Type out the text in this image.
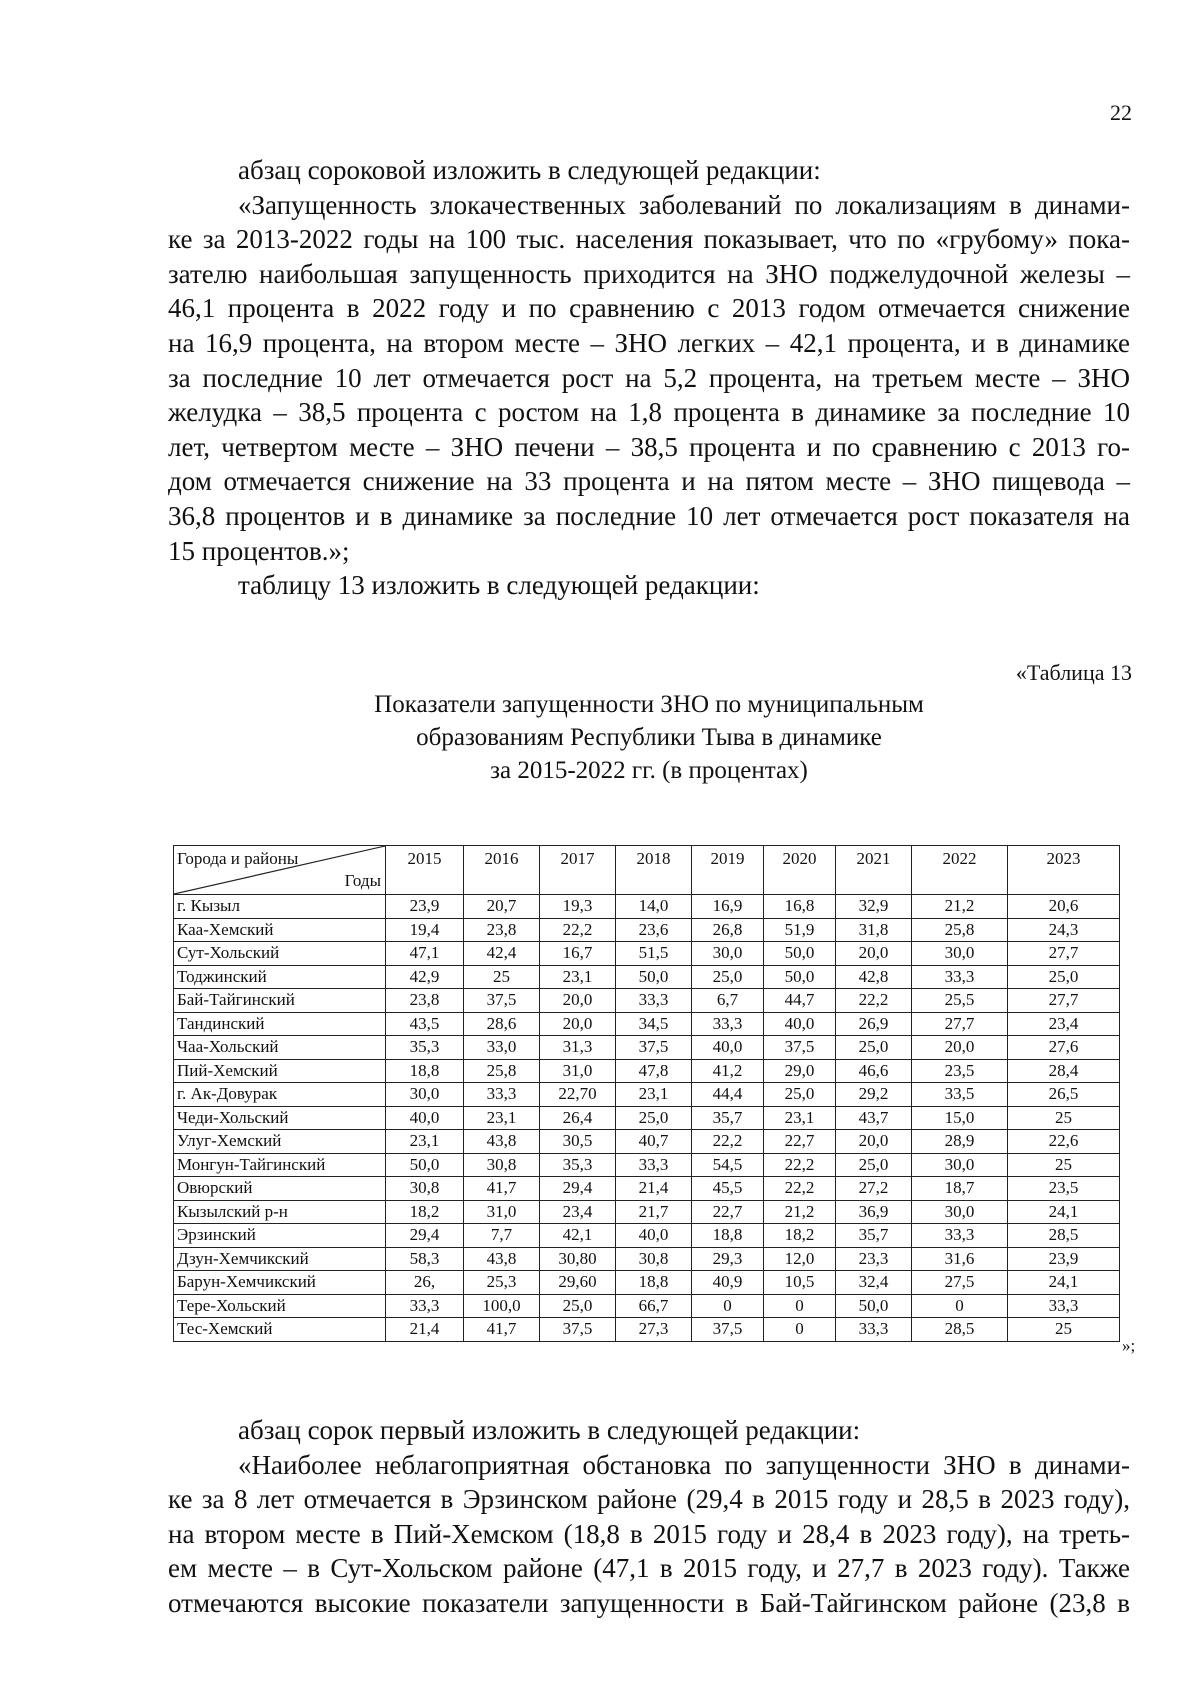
22

абзац сороковой изложить в следующей редакции:

«Запущенность злокачественных заболеваний по локализациям в динами-

ке за 2013-2022 годы на 100 тыс. населения показывает, что по «грубому» пока-

зателю наибольшая запущенность приходится на ЗНО поджелудочной железы –

46,1 процента в 2022 году и по сравнению с 2013 годом отмечается снижение

на 16,9 процента, на втором месте – ЗНО легких – 42,1 процента, и в динамике

за последние 10 лет отмечается рост на 5,2 процента, на третьем месте – ЗНО

желудка – 38,5 процента с ростом на 1,8 процента в динамике за последние 10

лет, четвертом месте – ЗНО печени – 38,5 процента и по сравнению с 2013 го-

дом отмечается снижение на 33 процента и на пятом месте – ЗНО пищевода –

36,8 процентов и в динамике за последние 10 лет отмечается рост показателя на

15 процентов.»;

таблицу 13 изложить в следующей редакции:

«Таблица 13
Показатели запущенности ЗНО по муниципальным
образованиям Республики Тыва в динамике
за 2015-2022 гг. (в процентах)
Города и районы
Годы	2015	2016	2017	2018	2019	2020	2021	2022	2023
г. Кызыл	23,9	20,7	19,3	14,0	16,9	16,8	32,9	21,2	20,6
Каа-Хемский	19,4	23,8	22,2	23,6	26,8	51,9	31,8	25,8	24,3
Сут-Хольский	47,1	42,4	16,7	51,5	30,0	50,0	20,0	30,0	27,7
Тоджинский	42,9	25	23,1	50,0	25,0	50,0	42,8	33,3	25,0
Бай-Тайгинский	23,8	37,5	20,0	33,3	6,7	44,7	22,2	25,5	27,7
Тандинский	43,5	28,6	20,0	34,5	33,3	40,0	26,9	27,7	23,4
Чаа-Хольский	35,3	33,0	31,3	37,5	40,0	37,5	25,0	20,0	27,6
Пий-Хемский	18,8	25,8	31,0	47,8	41,2	29,0	46,6	23,5	28,4
г. Ак-Довурак	30,0	33,3	22,70	23,1	44,4	25,0	29,2	33,5	26,5
Чеди-Хольский	40,0	23,1	26,4	25,0	35,7	23,1	43,7	15,0	25
Улуг-Хемский	23,1	43,8	30,5	40,7	22,2	22,7	20,0	28,9	22,6
Монгун-Тайгинский	50,0	30,8	35,3	33,3	54,5	22,2	25,0	30,0	25
Овюрский	30,8	41,7	29,4	21,4	45,5	22,2	27,2	18,7	23,5
Кызылский р-н	18,2	31,0	23,4	21,7	22,7	21,2	36,9	30,0	24,1
Эрзинский	29,4	7,7	42,1	40,0	18,8	18,2	35,7	33,3	28,5
Дзун-Хемчикский	58,3	43,8	30,80	30,8	29,3	12,0	23,3	31,6	23,9
Барун-Хемчикский	26,	25,3	29,60	18,8	40,9	10,5	32,4	27,5	24,1
Тере-Хольский	33,3	100,0	25,0	66,7	0	0	50,0	0	33,3
Тес-Хемский	21,4	41,7	37,5	27,3	37,5	0	33,3	28,5	25
»;

абзац сорок первый изложить в следующей редакции:

«Наиболее неблагоприятная обстановка по запущенности ЗНО в динами-

ке за 8 лет отмечается в Эрзинском районе (29,4 в 2015 году и 28,5 в 2023 году),

на втором месте в Пий-Хемском (18,8 в 2015 году и 28,4 в 2023 году), на треть-

ем месте – в Сут-Хольском районе (47,1 в 2015 году, и 27,7 в 2023 году). Также

отмечаются высокие показатели запущенности в Бай-Тайгинском районе (23,8 в
